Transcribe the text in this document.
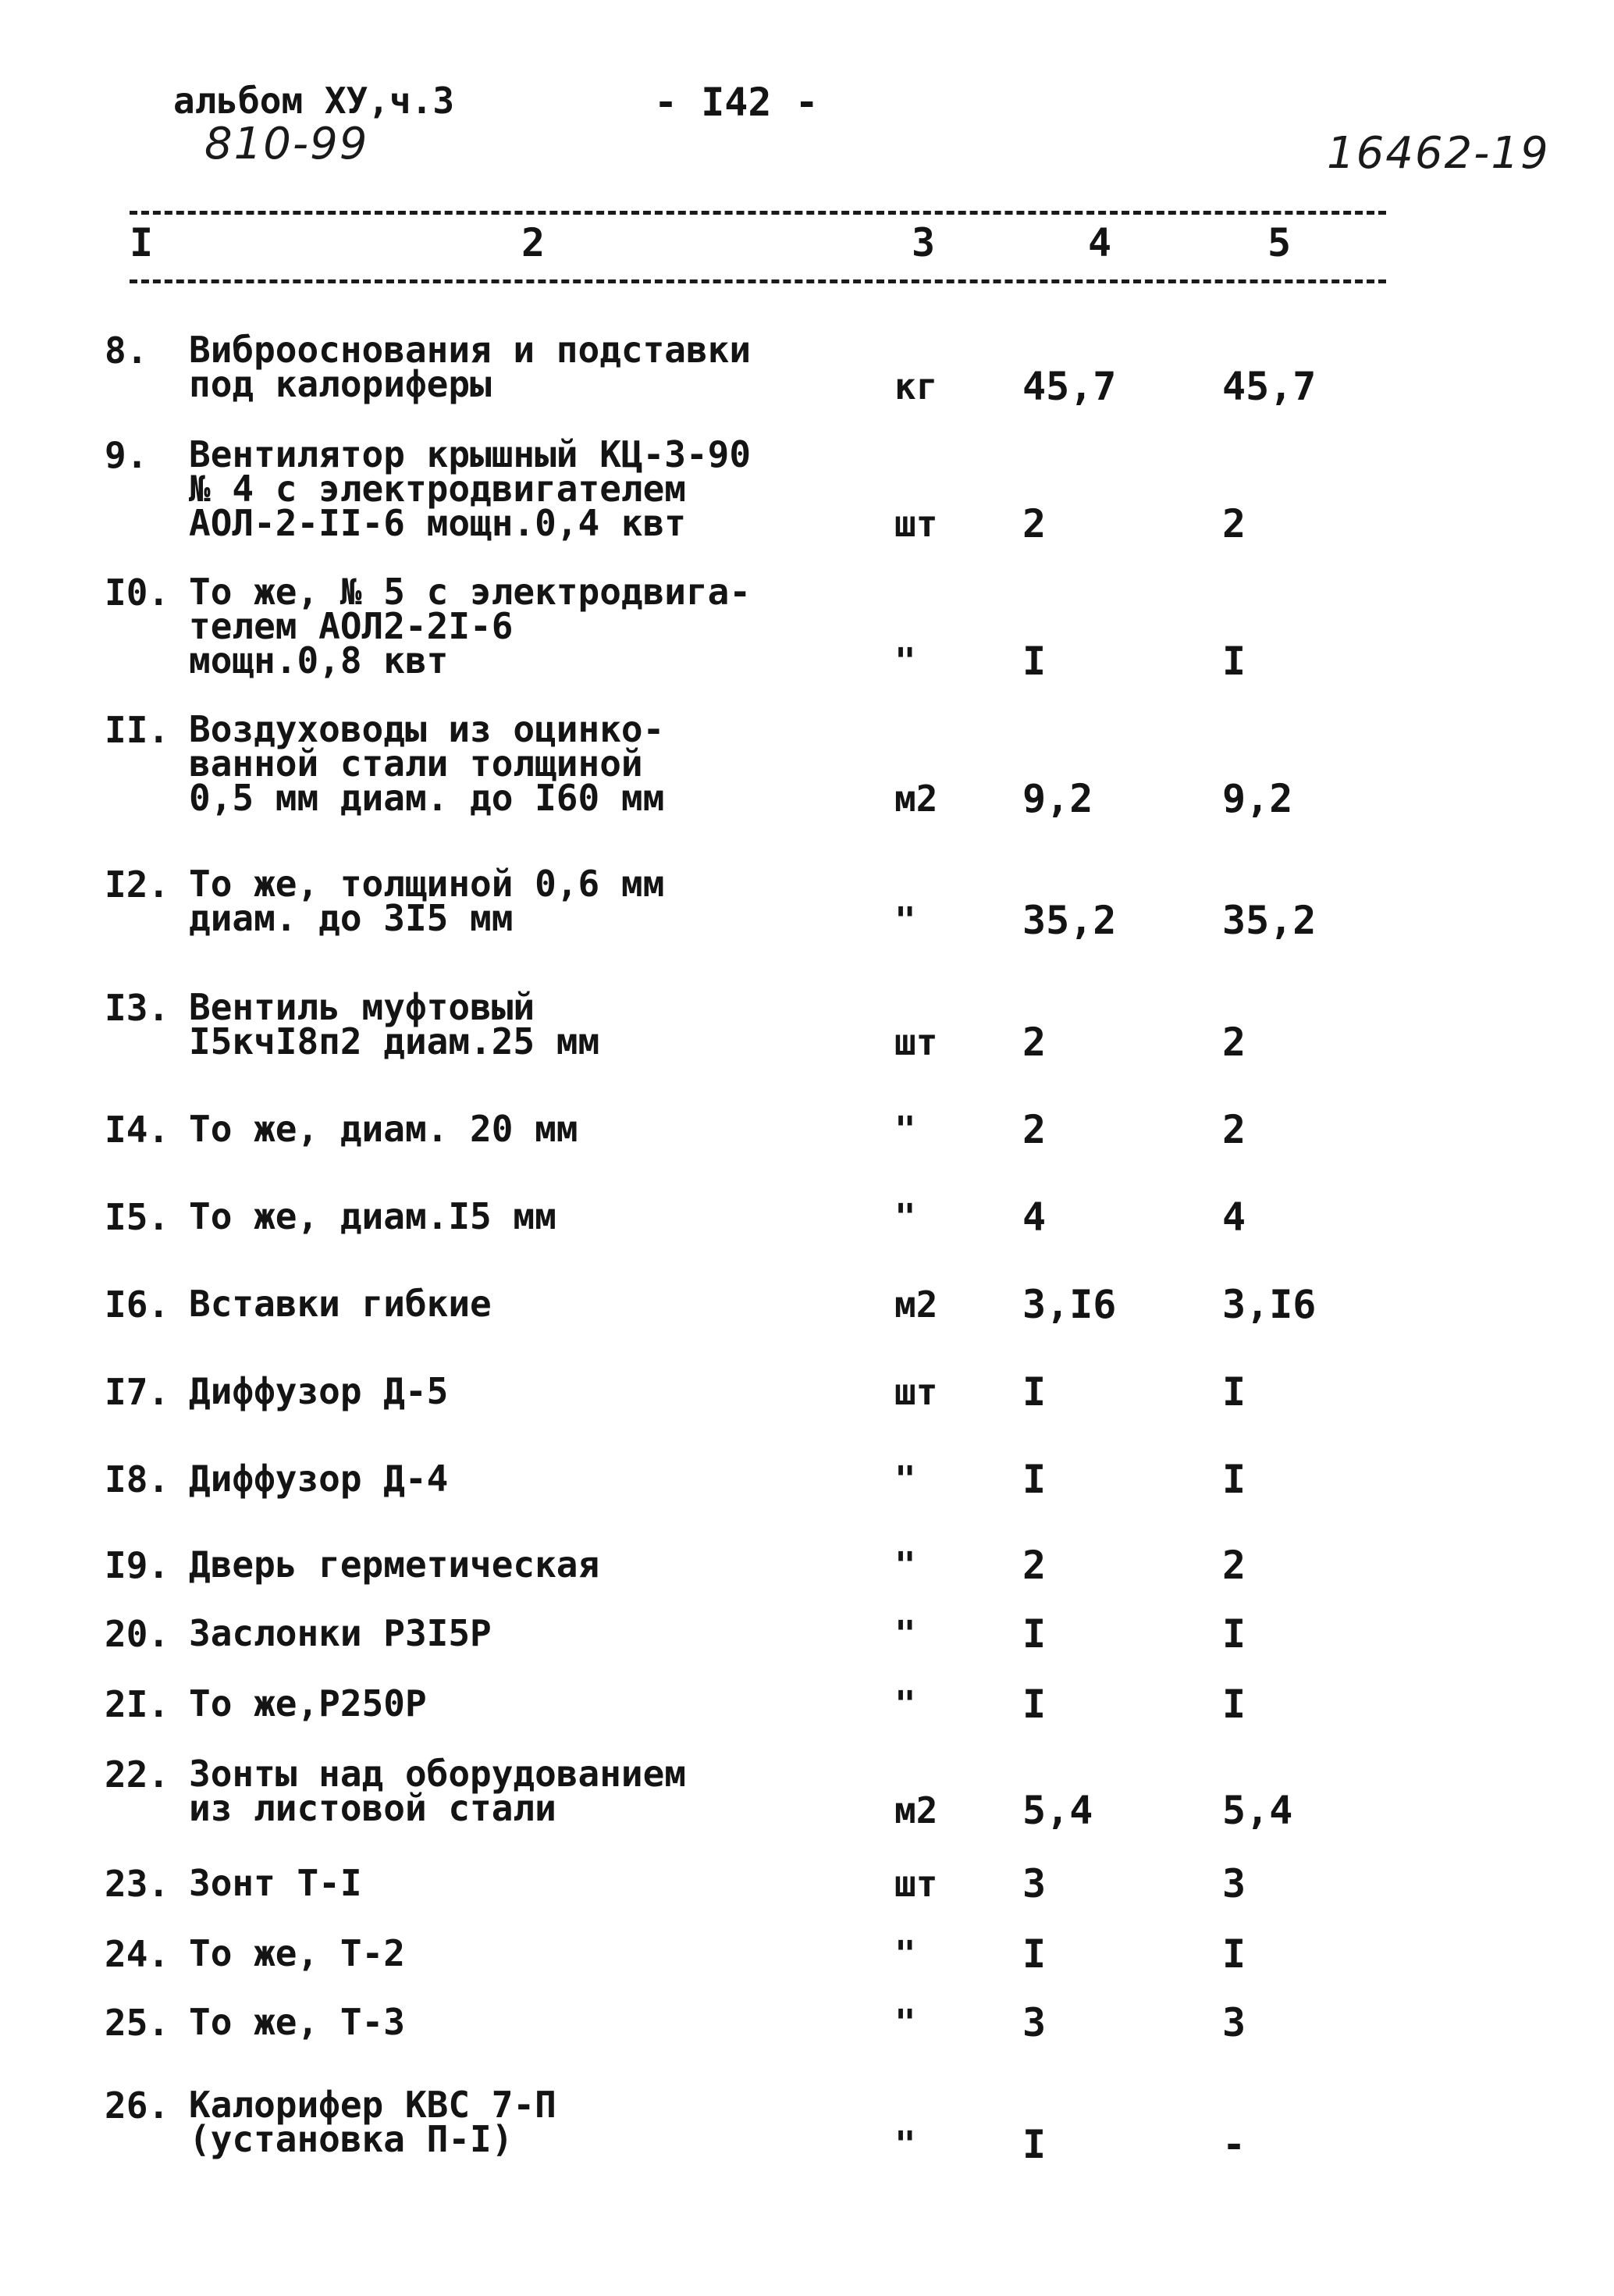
альбом ХУ,ч.3	- I42 -
810-99	16462-19
I	2	3	4	5
8. Виброоснования и подставки
под калориферы	кг 45,7	45,7
9. Вентилятор крышный КЦ-3-90
№ 4 с электродвигателем
АОЛ-2-II-6 мощн.0,4 квт	шт 2	2
I0. То же, № 5 с электродвига-
телем АОЛ2-2I-6
мощн.0,8 квт	"	I	I
II. Воздуховоды из оцинко-
ванной стали толщиной
0,5 мм диам. до I60 мм	м2 9,2	9,2
I2. То же, толщиной 0,6 мм
диам. до 3I5 мм	"	35,2	35,2
I3. Вентиль муфтовый
I5кчI8п2 диам.25 мм	шт 2	2
I4. То же, диам. 20 мм	"	2	2
I5. То же, диам.I5 мм	"	4	4
I6. Вставки гибкие	м2 3,I6	3,I6
I7. Диффузор Д-5	шт I	I
I8. Диффузор Д-4	"	I	I
I9. Дверь герметическая	"	2	2
20. Заслонки Р3I5Р	"	I	I
2I. То же,Р250Р	"	I	I
22. Зонты над оборудованием
из листовой стали	м2 5,4	5,4
23. Зонт Т-I	шт 3	3
24. То же, Т-2	"	I	I
25. То же, Т-3	"	3	3
26. Калорифер КВС 7-П
(установка П-I)	"	I	-
